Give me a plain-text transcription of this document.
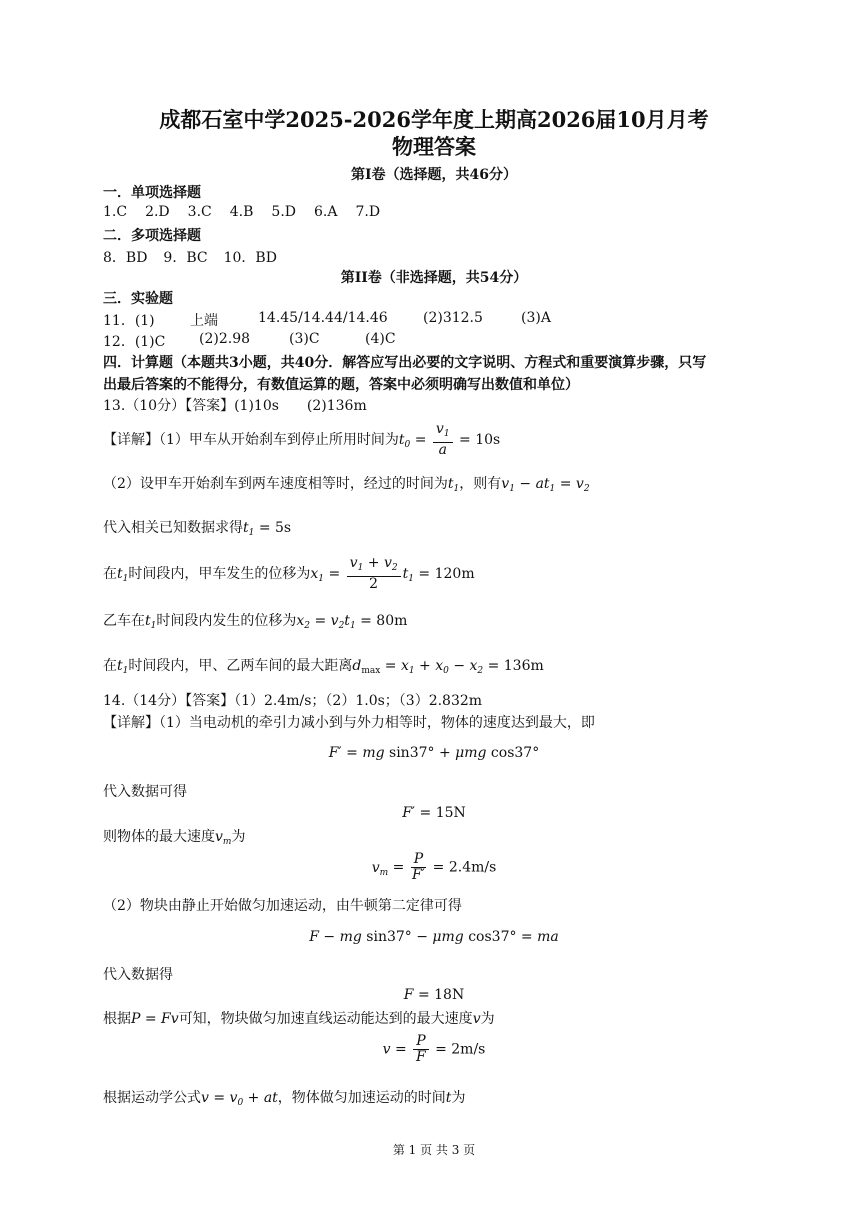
成都石室中学2025-2026学年度上期高2026届10月月考
物理答案
第I卷（选择题，共46分）
一．单项选择题
1.C 2.D 3.C 4.B 5.D 6.A 7.D
二．多项选择题
8．BD 9．BC 10．BD
第II卷（非选择题，共54分）
三．实验题
11．(1)	上端	14.45/14.44/14.46	(2)312.5	(3)A
12．(1)C (2)2.98	(3)C	(4)C
四．计算题（本题共3小题，共40分．解答应写出必要的文字说明、方程式和重要演算步骤，只写
出最后答案的不能得分，有数值运算的题，答案中必须明确写出数值和单位）
13.（10分）【答案】(1)10s　　(2)136m
【详解】（1）甲车从开始刹车到停止所用时间为$t_0 = \frac{v_1}{a} = 10s$
（2）设甲车开始刹车到两车速度相等时，经过的时间为$t_1$，则有$v_1 - at_1 = v_2$
代入相关已知数据求得$t_1 = 5s$
在$t_1$时间段内，甲车发生的位移为$x_1 = \frac{v_1 + v_2}{2} t_1 = 120m$
乙车在$t_1$时间段内发生的位移为$x_2 = v_2t_1 = 80m$
在$t_1$时间段内，甲、乙两车间的最大距离$d_{max} = x_1 + x_0 - x_2 = 136m$
14.（14分）【答案】（1）2.4m/s；（2）1.0s；（3）2.832m
【详解】（1）当电动机的牵引力减小到与外力相等时，物体的速度达到最大，即
F′ = mg sin37° + μmg cos37°
代入数据可得
F′ = 15N
则物体的最大速度$v_m$为
$v_m = \frac{P}{F'} = 2.4m/s$
（2）物块由静止开始做匀加速运动，由牛顿第二定律可得
F − mg sin37° − μmg cos37° = ma
代入数据得
F = 18N
根据P = Fv可知，物块做匀加速直线运动能达到的最大速度v为
$v = \frac{P}{F} = 2m/s$
根据运动学公式$v = v_0$ + at，物体做匀加速运动的时间t为
第 1 页 共 3 页
